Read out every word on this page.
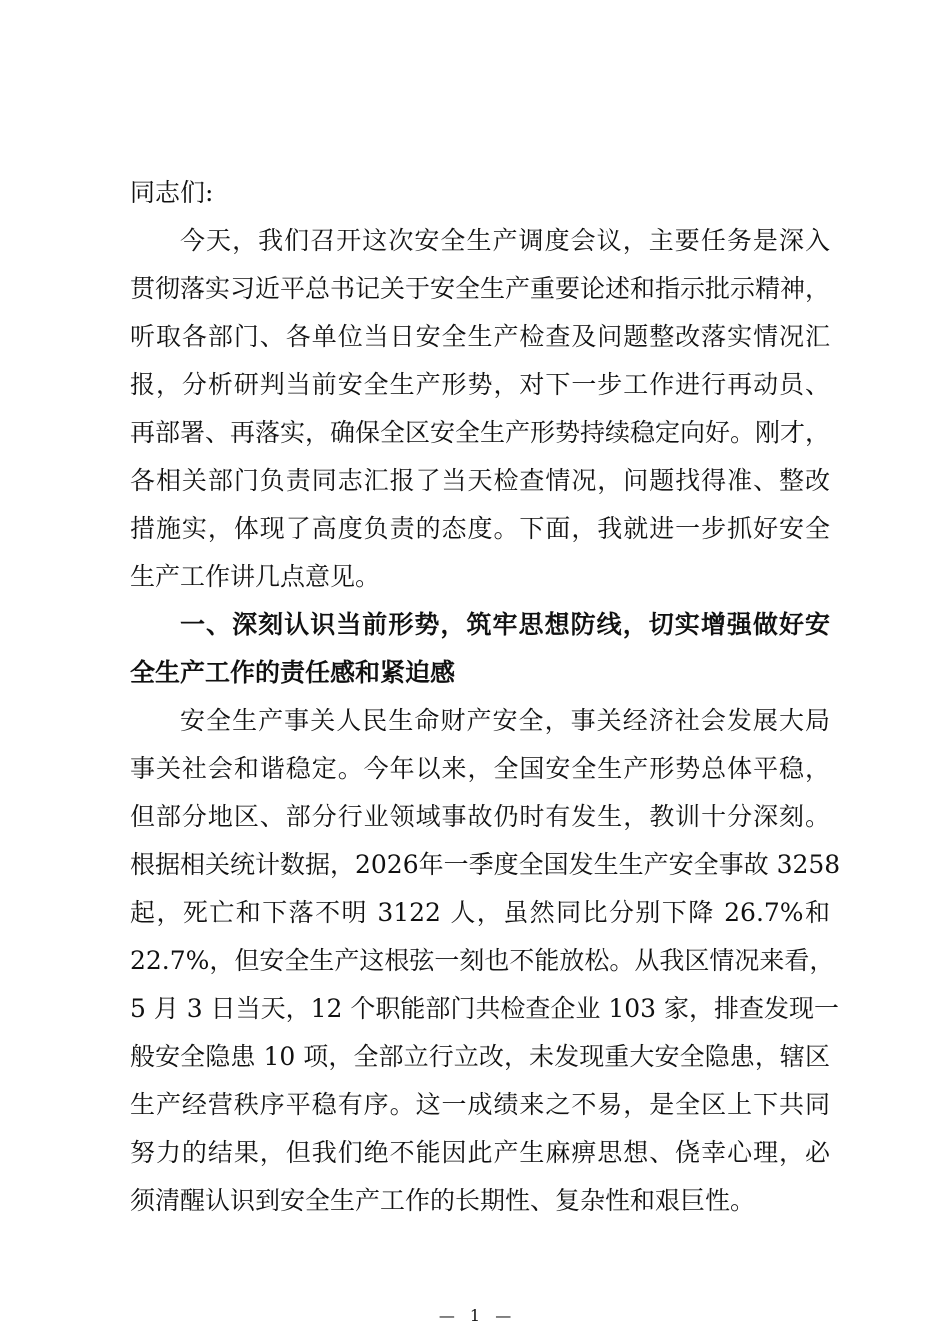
同志们:
今天，我们召开这次安全生产调度会议，主要任务是深入
贯彻落实习近平总书记关于安全生产重要论述和指示批示精神，
听取各部门、各单位当日安全生产检查及问题整改落实情况汇
报，分析研判当前安全生产形势，对下一步工作进行再动员、
再部署、再落实，确保全区安全生产形势持续稳定向好。刚才，
各相关部门负责同志汇报了当天检查情况，问题找得准、整改
措施实，体现了高度负责的态度。下面，我就进一步抓好安全
生产工作讲几点意见。
一、深刻认识当前形势，筑牢思想防线，切实增强做好安
全生产工作的责任感和紧迫感
安全生产事关人民生命财产安全，事关经济社会发展大局
事关社会和谐稳定。今年以来，全国安全生产形势总体平稳，
但部分地区、部分行业领域事故仍时有发生，教训十分深刻。
根据相关统计数据，2026年一季度全国发生生产安全事故 3258
起，死亡和下落不明 3122 人，虽然同比分别下降 26.7%和
22.7%，但安全生产这根弦一刻也不能放松。从我区情况来看，
5 月 3 日当天，12 个职能部门共检查企业 103 家，排查发现一
般安全隐患 10 项，全部立行立改，未发现重大安全隐患，辖区
生产经营秩序平稳有序。这一成绩来之不易，是全区上下共同
努力的结果，但我们绝不能因此产生麻痹思想、侥幸心理，必
须清醒认识到安全生产工作的长期性、复杂性和艰巨性。
— 1 —
